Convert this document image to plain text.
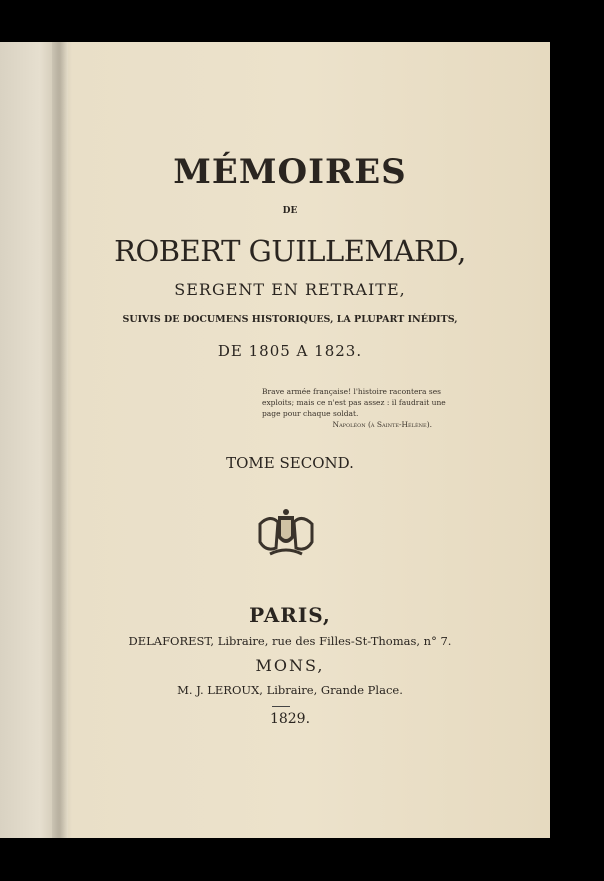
MÉMOIRES
DE
ROBERT GUILLEMARD,
SERGENT EN RETRAITE,
SUIVIS DE DOCUMENS HISTORIQUES, LA PLUPART INÉDITS,
DE 1805 A 1823.
Brave armée française! l'histoire racontera ses
exploits; mais ce n'est pas assez : il faudrait une
page pour chaque soldat.
Napoléon (à Sainte-Hélène).
TOME SECOND.
PARIS,
DELAFOREST, Libraire, rue des Filles-St-Thomas, n° 7.
MONS,
M. J. LEROUX, Libraire, Grande Place.
1829.
